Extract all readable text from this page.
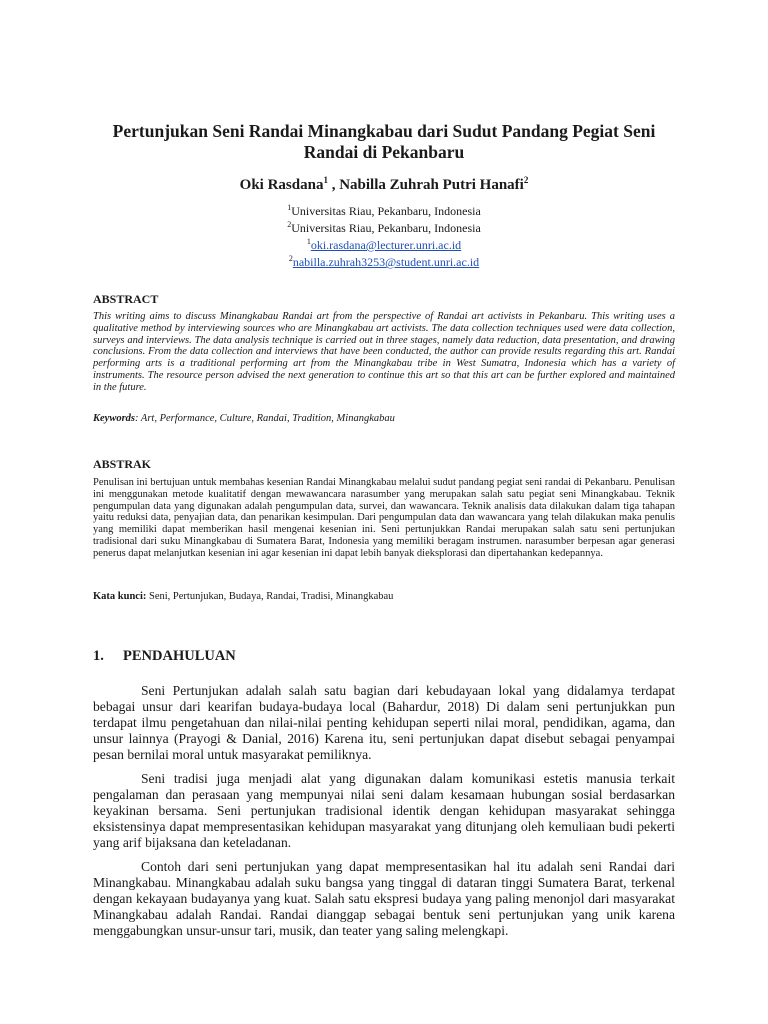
Pertunjukan Seni Randai Minangkabau dari Sudut Pandang Pegiat Seni
Randai di Pekanbaru
Oki Rasdana$^1$ , Nabilla Zuhrah Putri Hanafi$^2$
$^1$Universitas Riau, Pekanbaru, Indonesia
$^2$Universitas Riau, Pekanbaru, Indonesia
$^1$oki.rasdana@lecturer.unri.ac.id
$^2$nabilla.zuhrah3253@student.unri.ac.id
ABSTRACT
This writing aims to discuss Minangkabau Randai art from the perspective of Randai art activists in Pekanbaru. This writing uses a qualitative method by interviewing sources who are Minangkabau art activists. The data collection techniques used were data collection, surveys and interviews. The data analysis technique is carried out in three stages, namely data reduction, data presentation, and drawing conclusions. From the data collection and interviews that have been conducted, the author can provide results regarding this art. Randai performing arts is a traditional performing art from the Minangkabau tribe in West Sumatra, Indonesia which has a variety of instruments. The resource person advised the next generation to continue this art so that this art can be further explored and maintained in the future.
Keywords: Art, Performance, Culture, Randai, Tradition, Minangkabau
ABSTRAK
Penulisan ini bertujuan untuk membahas kesenian Randai Minangkabau melalui sudut pandang pegiat seni randai di Pekanbaru. Penulisan ini menggunakan metode kualitatif dengan mewawancara narasumber yang merupakan salah satu pegiat seni Minangkabau. Teknik pengumpulan data yang digunakan adalah pengumpulan data, survei, dan wawancara. Teknik analisis data dilakukan dalam tiga tahapan yaitu reduksi data, penyajian data, dan penarikan kesimpulan. Dari pengumpulan data dan wawancara yang telah dilakukan maka penulis yang memiliki dapat memberikan hasil mengenai kesenian ini. Seni pertunjukkan Randai merupakan salah satu seni pertunjukan tradisional dari suku Minangkabau di Sumatera Barat, Indonesia yang memiliki beragam instrumen. narasumber berpesan agar generasi penerus dapat melanjutkan kesenian ini agar kesenian ini dapat lebih banyak dieksplorasi dan dipertahankan kedepannya.
Kata kunci: Seni, Pertunjukan, Budaya, Randai, Tradisi, Minangkabau
1. PENDAHULUAN

Seni Pertunjukan adalah salah satu bagian dari kebudayaan lokal yang didalamya terdapat bebagai unsur dari kearifan budaya-budaya local (Bahardur, 2018) Di dalam seni pertunjukkan pun terdapat ilmu pengetahuan dan nilai-nilai penting kehidupan seperti nilai moral, pendidikan, agama, dan unsur lainnya (Prayogi & Danial, 2016) Karena itu, seni pertunjukan dapat disebut sebagai penyampai pesan bernilai moral untuk masyarakat pemiliknya.

Seni tradisi juga menjadi alat yang digunakan dalam komunikasi estetis manusia terkait pengalaman dan perasaan yang mempunyai nilai seni dalam kesamaan hubungan sosial berdasarkan keyakinan bersama. Seni pertunjukan tradisional identik dengan kehidupan masyarakat sehingga eksistensinya dapat mempresentasikan kehidupan masyarakat yang ditunjang oleh kemuliaan budi pekerti yang arif bijaksana dan keteladanan.

Contoh dari seni pertunjukan yang dapat mempresentasikan hal itu adalah seni Randai dari Minangkabau. Minangkabau adalah suku bangsa yang tinggal di dataran tinggi Sumatera Barat, terkenal dengan kekayaan budayanya yang kuat. Salah satu ekspresi budaya yang paling menonjol dari masyarakat Minangkabau adalah Randai. Randai dianggap sebagai bentuk seni pertunjukan yang unik karena menggabungkan unsur-unsur tari, musik, dan teater yang saling melengkapi.
